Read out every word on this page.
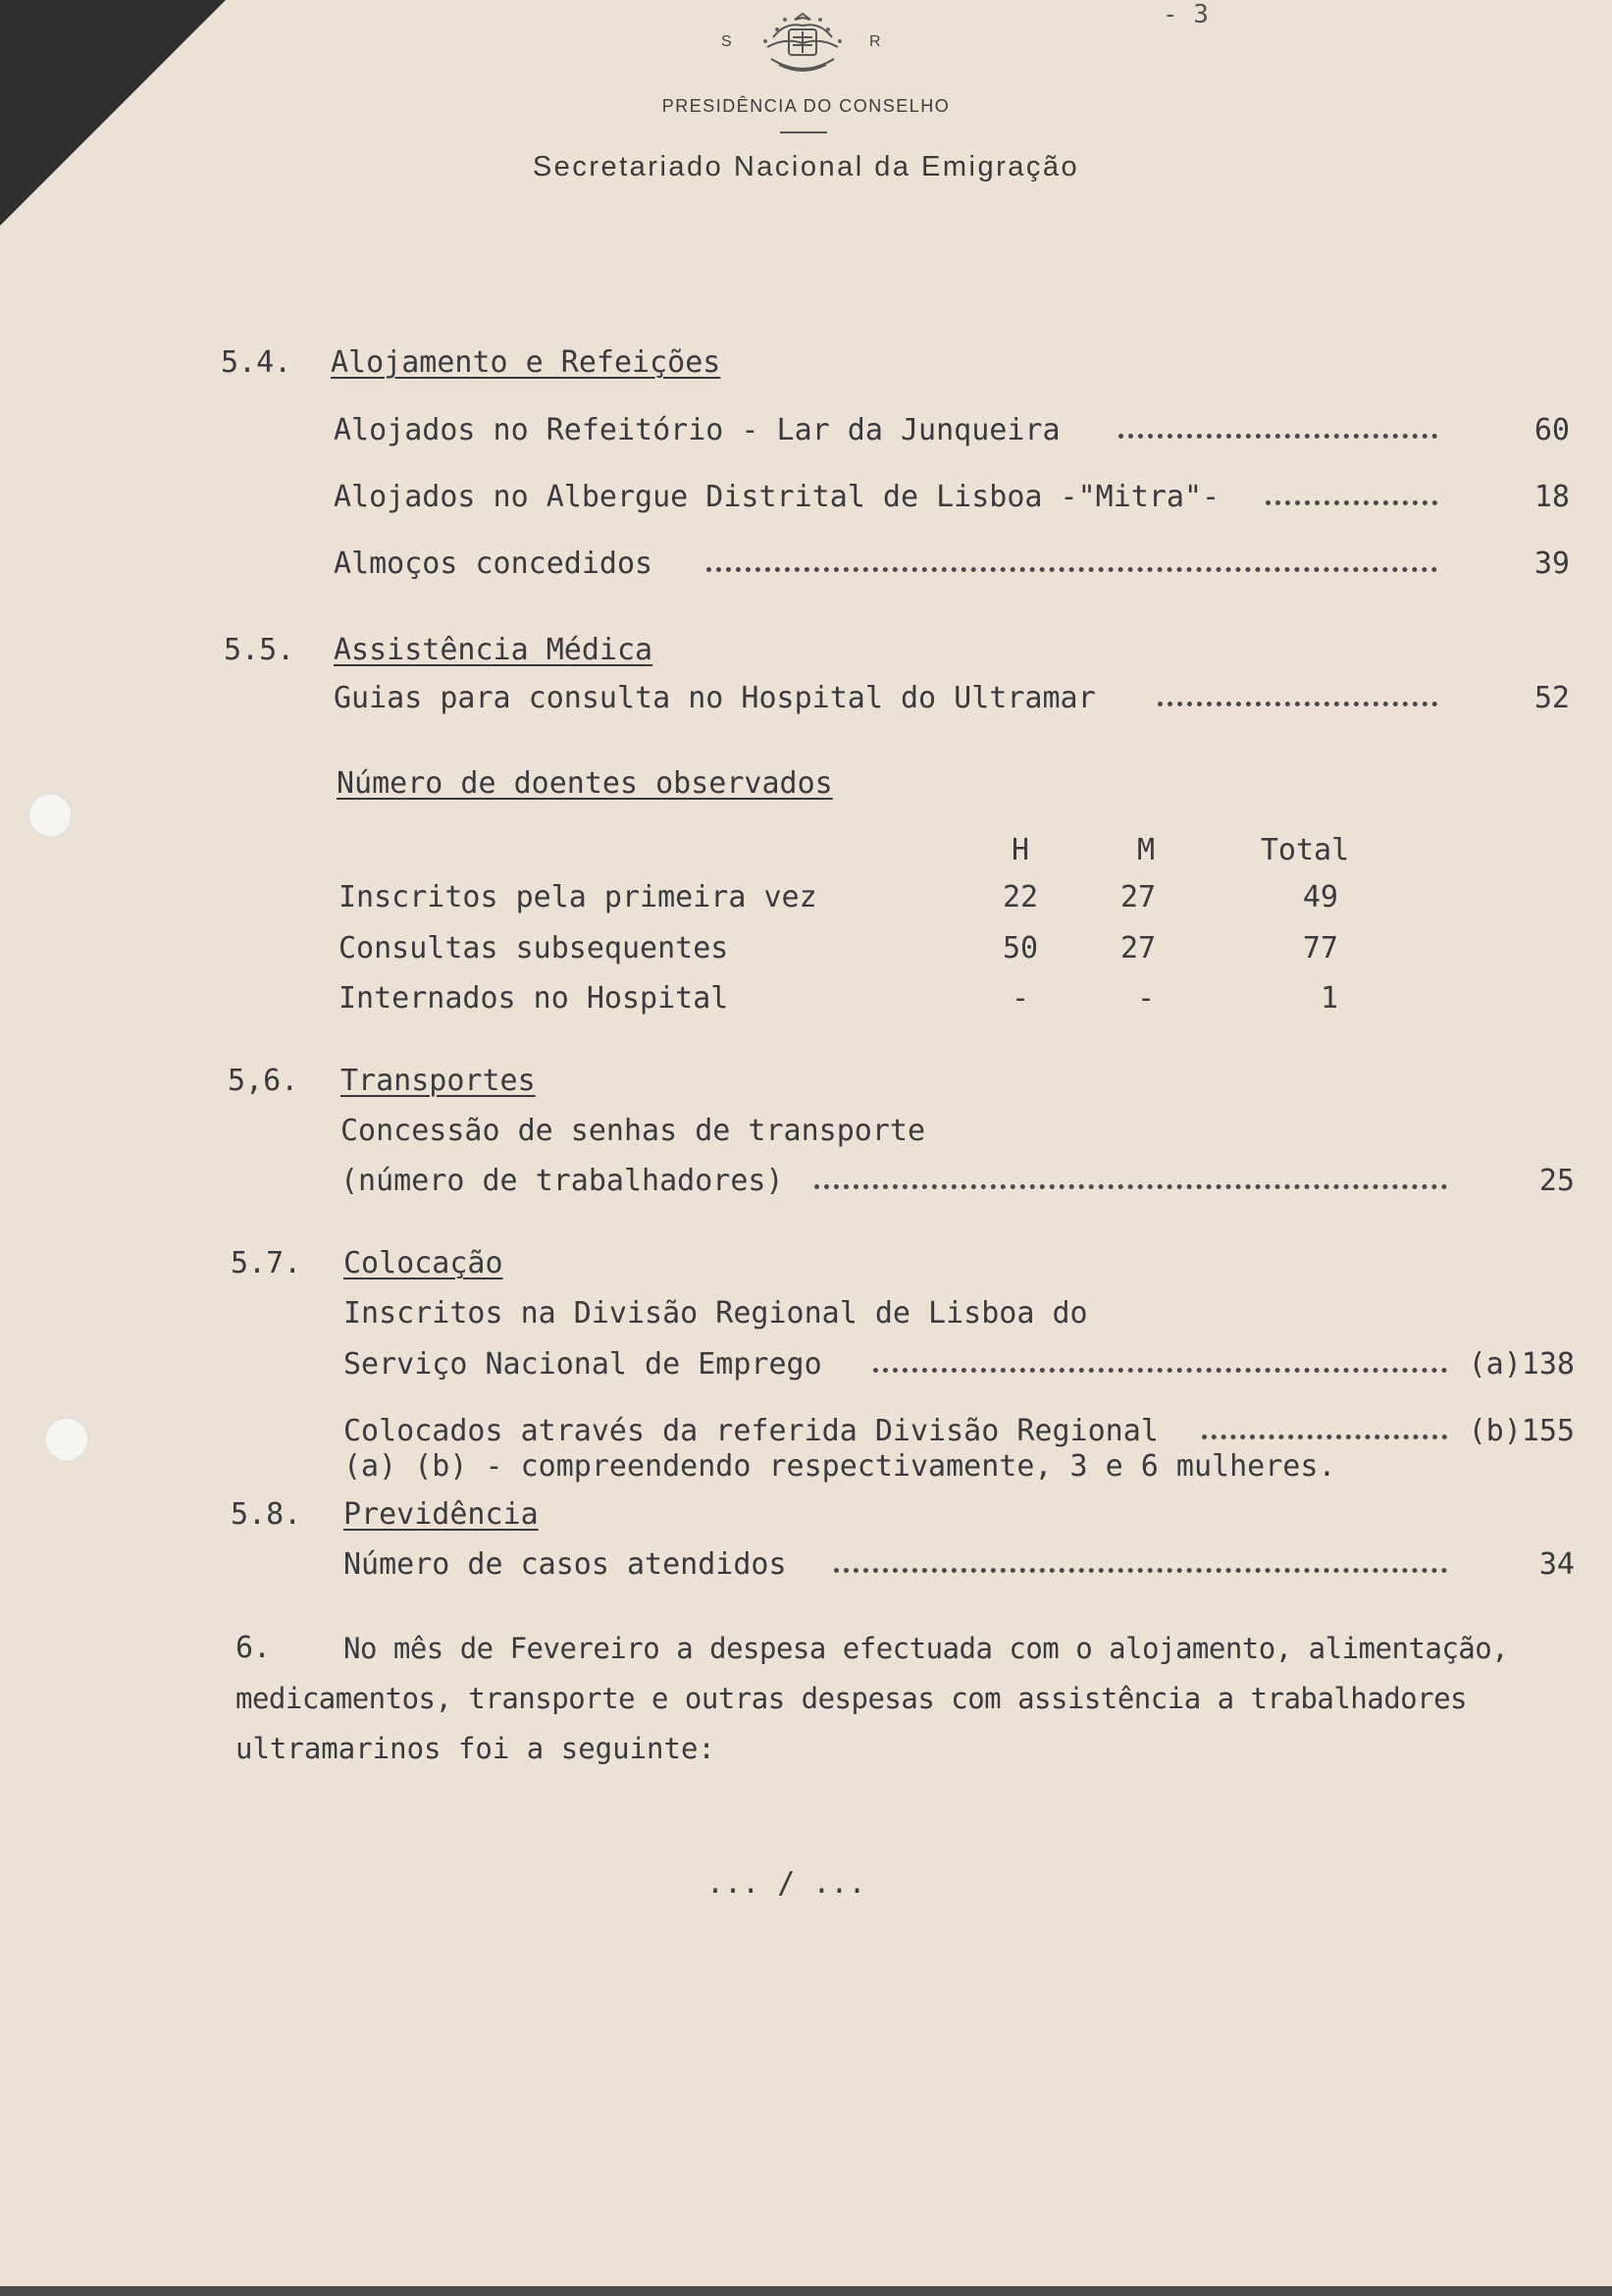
- 3
S	R
PRESIDÊNCIA DO CONSELHO
Secretariado Nacional da Emigração
5.4. Alojamento e Refeições
Alojados no Refeitório - Lar da Junqueira	60
Alojados no Albergue Distrital de Lisboa -"Mitra"-	18
Almoços concedidos	39
5.5. Assistência Médica
Guias para consulta no Hospital do Ultramar	52
Número de doentes observados
H	M	Total
Inscritos pela primeira vez	22	27	49
Consultas subsequentes	50	27	77
Internados no Hospital	-	-	1
5,6. Transportes
Concessão de senhas de transporte
(número de trabalhadores)	25
5.7. Colocação
Inscritos na Divisão Regional de Lisboa do
Serviço Nacional de Emprego	(a)138
Colocados através da referida Divisão Regional	(b)155
(a) (b) - compreendendo respectivamente, 3 e 6 mulheres.
5.8. Previdência
Número de casos atendidos	34
6.	No mês de Fevereiro a despesa efectuada com o alojamento, alimentação,
medicamentos, transporte e outras despesas com assistência a trabalhadores
ultramarinos foi a seguinte:
... / ...
